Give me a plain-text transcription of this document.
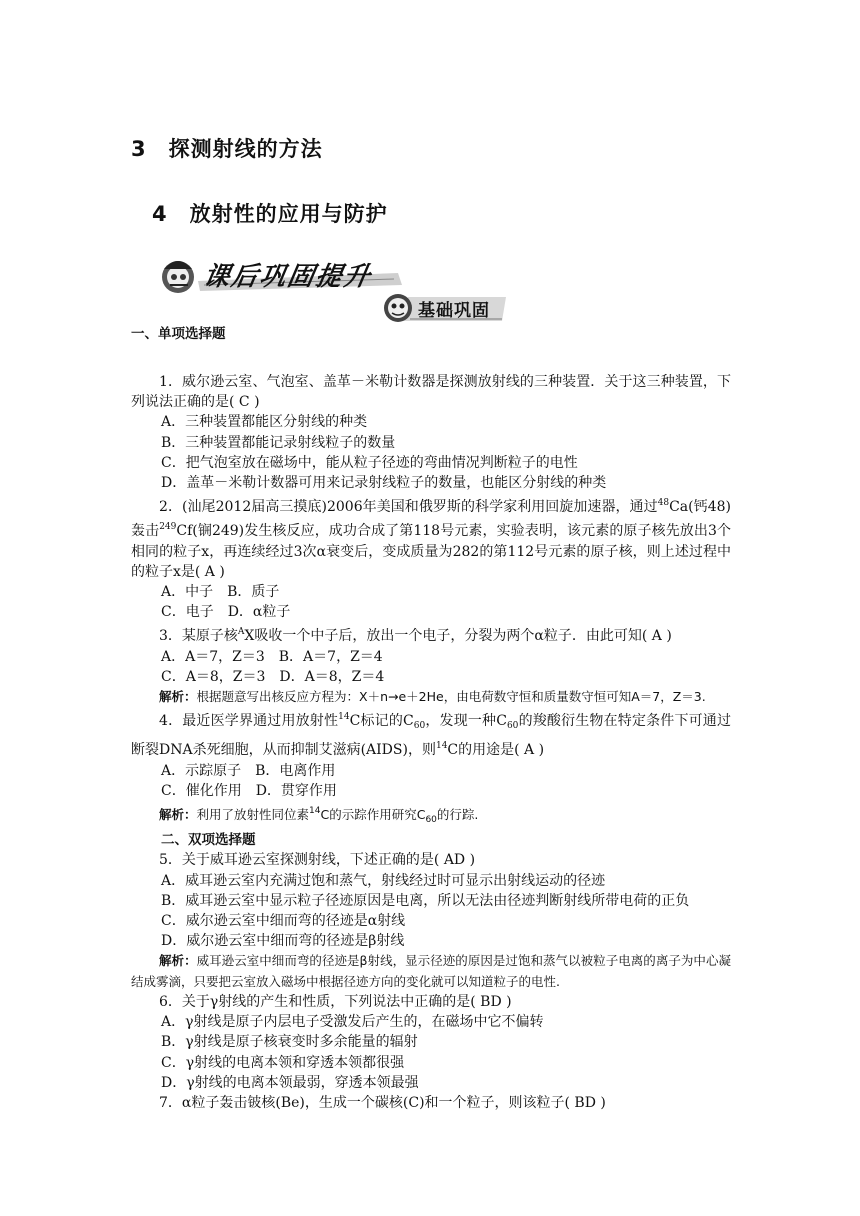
3　探测射线的方法
4　放射性的应用与防护
课后巩固提升
基础巩固
一、单项选择题

1．威尔逊云室、气泡室、盖革－米勒计数器是探测放射线的三种装置．关于这三种装置，下列说法正确的是( C )

A．三种装置都能区分射线的种类

B．三种装置都能记录射线粒子的数量

C．把气泡室放在磁场中，能从粒子径迹的弯曲情况判断粒子的电性

D．盖革－米勒计数器可用来记录射线粒子的数量，也能区分射线的种类

2．(汕尾2012届高三摸底)2006年美国和俄罗斯的科学家利用回旋加速器，通过$^{48}$Ca(钙48)轰击$^{249}$Cf(锎249)发生核反应，成功合成了第118号元素，实验表明，该元素的原子核先放出3个相同的粒子x，再连续经过3次α衰变后，变成质量为282的第112号元素的原子核，则上述过程中的粒子x是( A )

A．中子　B．质子

C．电子　D．α粒子

3．某原子核$^A$X吸收一个中子后，放出一个电子，分裂为两个α粒子．由此可知( A )

A．A＝7，Z＝3　B．A＝7，Z＝4

C．A＝8，Z＝3　D．A＝8，Z＝4

解析：根据题意写出核反应方程为：X＋n→e＋2He，由电荷数守恒和质量数守恒可知A＝7，Z＝3.

4．最近医学界通过用放射性$^{14}$C标记的$C_{60}$，发现一种$C_{60}$的羧酸衍生物在特定条件下可通过断裂DNA杀死细胞，从而抑制艾滋病(AIDS)，则$^{14}$C的用途是( A )

A．示踪原子　B．电离作用

C．催化作用　D．贯穿作用

解析：利用了放射性同位素$^{14}$C的示踪作用研究$C_{60}$的行踪.

二、双项选择题

5．关于威耳逊云室探测射线，下述正确的是( AD )

A．威耳逊云室内充满过饱和蒸气，射线经过时可显示出射线运动的径迹

B．威耳逊云室中显示粒子径迹原因是电离，所以无法由径迹判断射线所带电荷的正负

C．威尔逊云室中细而弯的径迹是α射线

D．威尔逊云室中细而弯的径迹是β射线

解析：威耳逊云室中细而弯的径迹是β射线，显示径迹的原因是过饱和蒸气以被粒子电离的离子为中心凝结成雾滴，只要把云室放入磁场中根据径迹方向的变化就可以知道粒子的电性.

6．关于γ射线的产生和性质，下列说法中正确的是( BD )

A．γ射线是原子内层电子受激发后产生的，在磁场中它不偏转

B．γ射线是原子核衰变时多余能量的辐射

C．γ射线的电离本领和穿透本领都很强

D．γ射线的电离本领最弱，穿透本领最强

7．α粒子轰击铍核(Be)，生成一个碳核(C)和一个粒子，则该粒子( BD )
